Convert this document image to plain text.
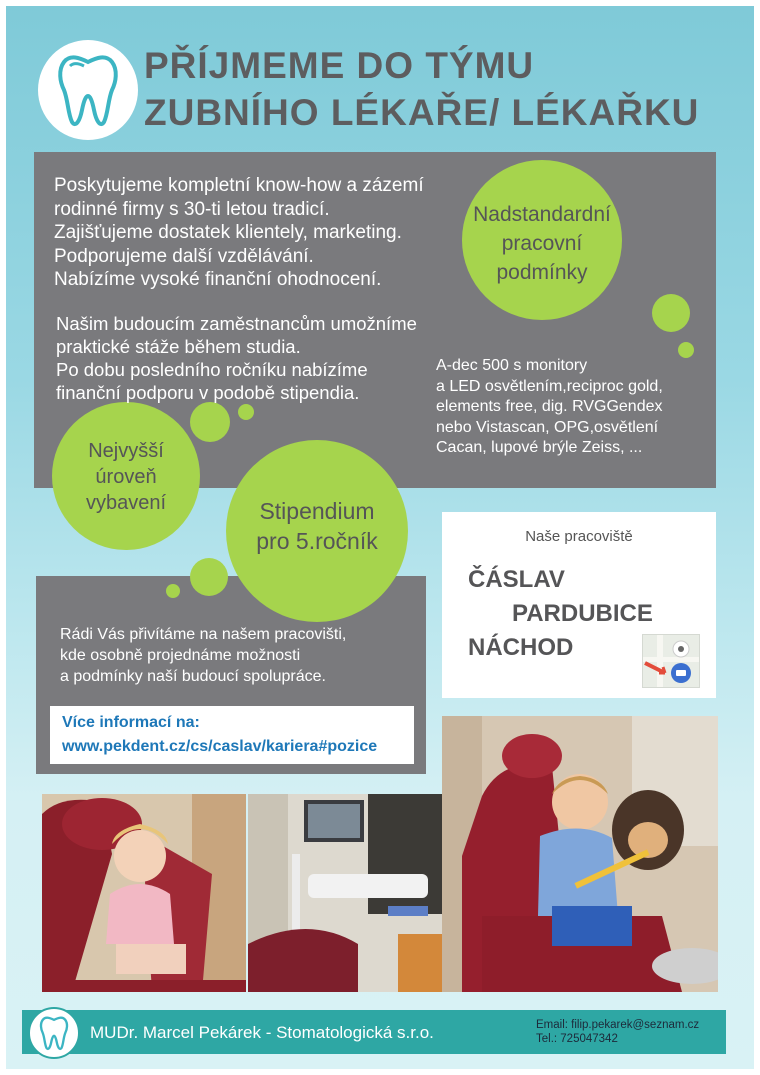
PŘÍJMEME DO TÝMU
ZUBNÍHO LÉKAŘE/ LÉKAŘKU
Poskytujeme kompletní know-how a zázemí
rodinné firmy s 30-ti letou tradicí.
Zajišťujeme dostatek klientely, marketing.
Podporujeme další vzdělávání.
Nabízíme vysoké finanční ohodnocení.
Našim budoucím zaměstnancům umožníme
praktické stáže během studia.
Po dobu posledního ročníku nabízíme
finanční podporu v podobě stipendia.
A-dec 500 s monitory
a LED osvětlením,reciproc gold,
elements free, dig. RVGGendex
nebo Vistascan, OPG,osvětlení
Cacan, lupové brýle Zeiss, ...
Nadstandardní
pracovní
podmínky
Nejvyšší
úroveň
vybavení	Stipendium
pro 5.ročník
Rádi Vás přivítáme na našem pracovišti,
kde osobně projednáme možnosti
a podmínky naší budoucí spolupráce.
Více informací na:
www.pekdent.cz/cs/caslav/kariera#pozice
Naše pracoviště
ČÁSLAV
PARDUBICE
NÁCHOD
MUDr. Marcel Pekárek - Stomatologická s.r.o.	Email: filip.pekarek@seznam.cz
Tel.: 725047342
